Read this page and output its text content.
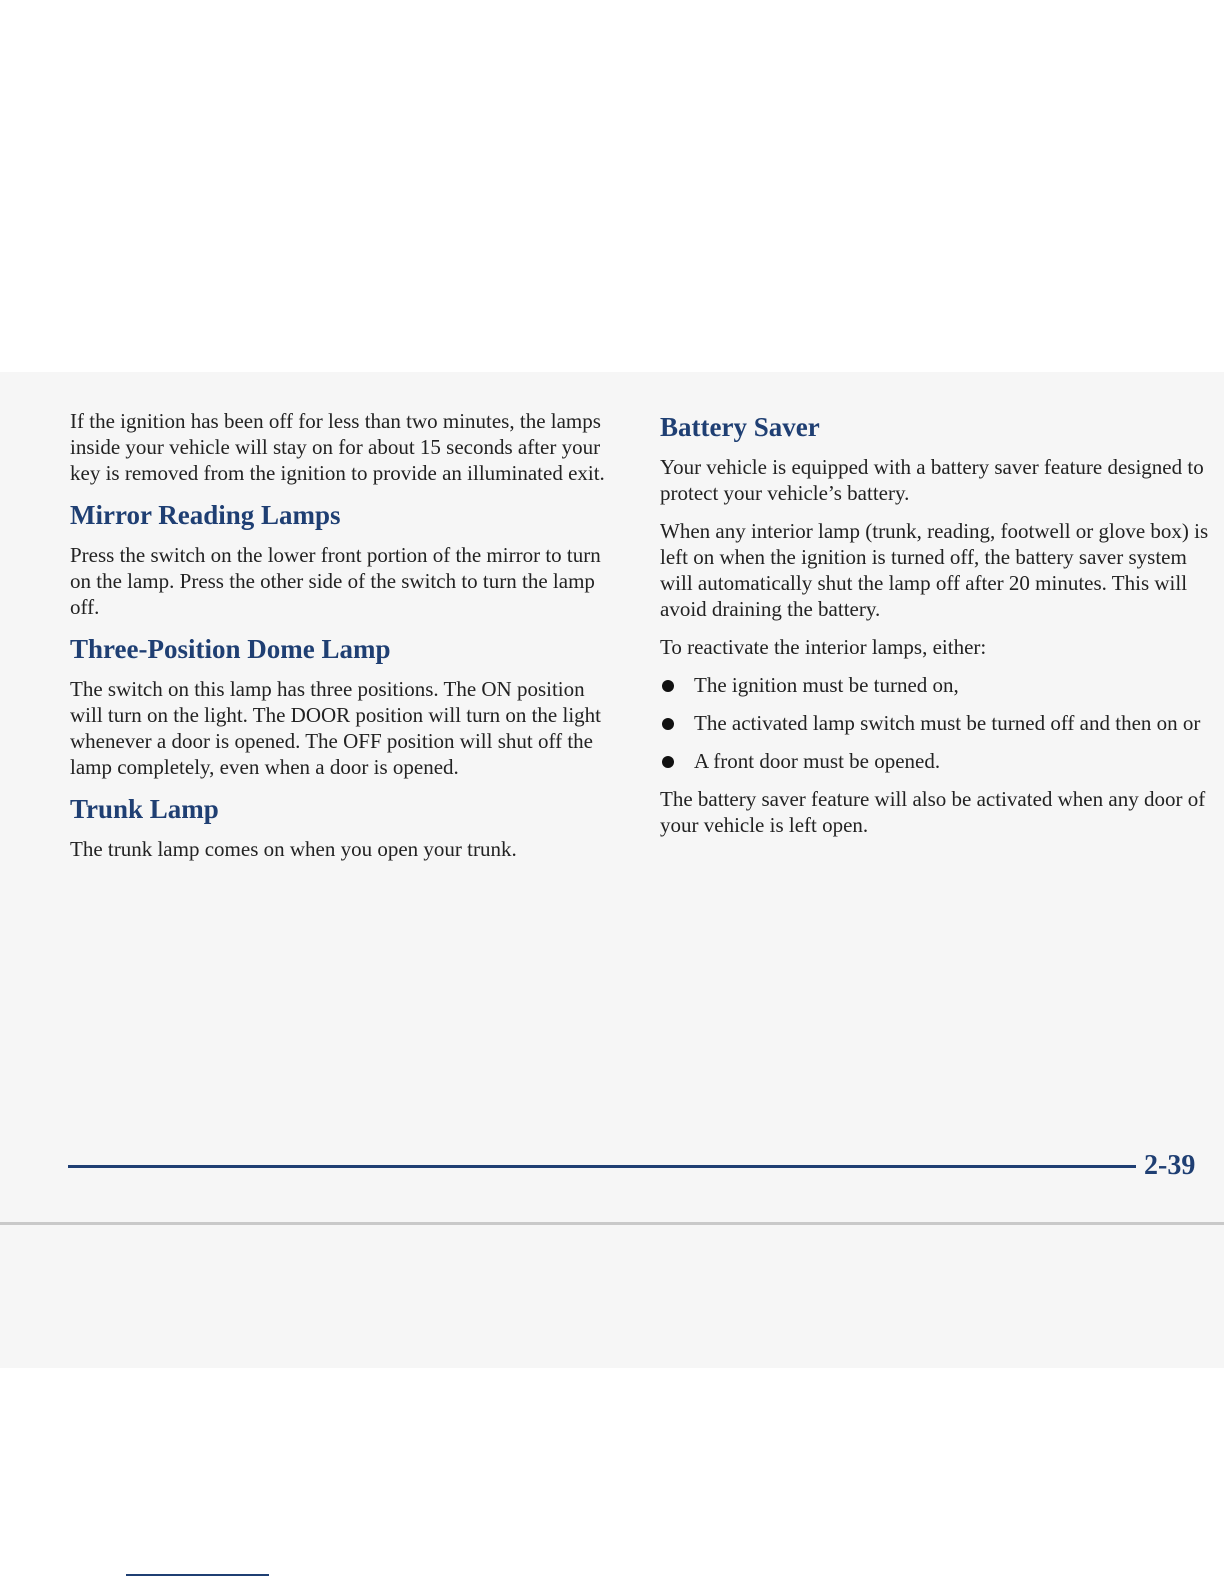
If the ignition has been off for less than two minutes, the lamps inside your vehicle will stay on for about 15 seconds after your key is removed from the ignition to provide an illuminated exit.

Mirror Reading Lamps

Press the switch on the lower front portion of the mirror to turn on the lamp. Press the other side of the switch to turn the lamp off.

Three-Position Dome Lamp

The switch on this lamp has three positions. The ON position will turn on the light. The DOOR position will turn on the light whenever a door is opened. The OFF position will shut off the lamp completely, even when a door is opened.

Trunk Lamp

The trunk lamp comes on when you open your trunk.

Battery Saver

Your vehicle is equipped with a battery saver feature designed to protect your vehicle’s battery.

When any interior lamp (trunk, reading, footwell or glove box) is left on when the ignition is turned off, the battery saver system will automatically shut the lamp off after 20 minutes. This will avoid draining the battery.

To reactivate the interior lamps, either:

The ignition must be turned on,
The activated lamp switch must be turned off and then on or
A front door must be opened.

The battery saver feature will also be activated when any door of your vehicle is left open.

2-39
